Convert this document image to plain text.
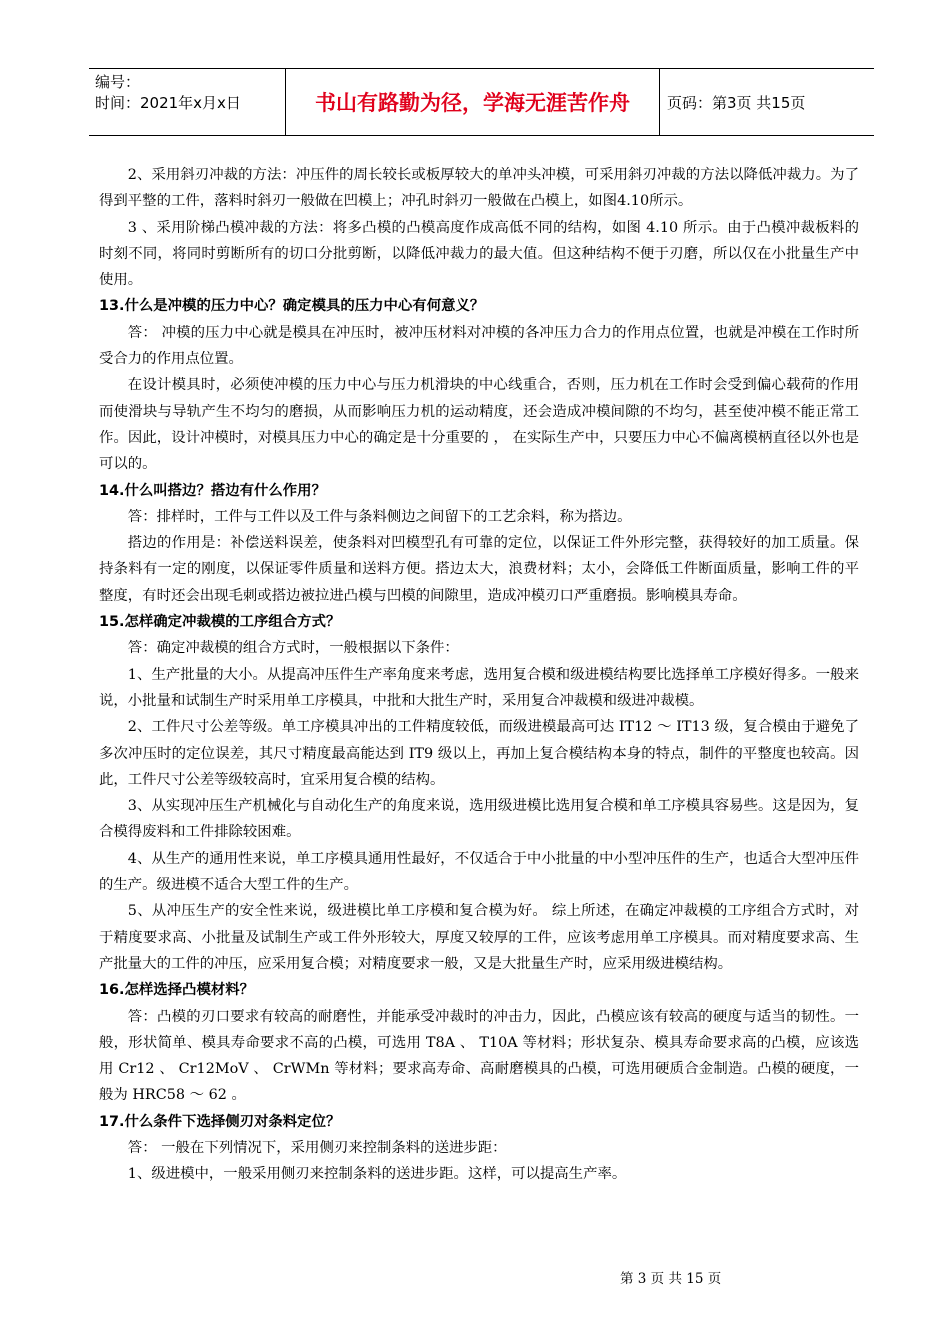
编号：
时间：2021年x月x日	书山有路勤为径，学海无涯苦作舟	页码：第3页 共15页

2、采用斜刃冲裁的方法：冲压件的周长较长或板厚较大的单冲头冲模，可采用斜刃冲裁的方法以降低冲裁力。为了得到平整的工件，落料时斜刃一般做在凹模上；冲孔时斜刃一般做在凸模上，如图4.10所示。

3 、采用阶梯凸模冲裁的方法：将多凸模的凸模高度作成高低不同的结构，如图 4.10 所示。由于凸模冲裁板料的时刻不同，将同时剪断所有的切口分批剪断，以降低冲裁力的最大值。但这种结构不便于刃磨，所以仅在小批量生产中使用。

13.什么是冲模的压力中心？确定模具的压力中心有何意义？

答： 冲模的压力中心就是模具在冲压时，被冲压材料对冲模的各冲压力合力的作用点位置，也就是冲模在工作时所受合力的作用点位置。

在设计模具时，必须使冲模的压力中心与压力机滑块的中心线重合，否则，压力机在工作时会受到偏心载荷的作用而使滑块与导轨产生不均匀的磨损，从而影响压力机的运动精度，还会造成冲模间隙的不均匀，甚至使冲模不能正常工作。因此，设计冲模时，对模具压力中心的确定是十分重要的 ， 在实际生产中，只要压力中心不偏离模柄直径以外也是可以的。

14.什么叫搭边？搭边有什么作用？

答：排样时，工件与工件以及工件与条料侧边之间留下的工艺余料，称为搭边。

搭边的作用是：补偿送料误差，使条料对凹模型孔有可靠的定位，以保证工件外形完整，获得较好的加工质量。保持条料有一定的刚度，以保证零件质量和送料方便。搭边太大，浪费材料；太小，会降低工件断面质量，影响工件的平整度，有时还会出现毛刺或搭边被拉进凸模与凹模的间隙里，造成冲模刃口严重磨损。影响模具寿命。

15.怎样确定冲裁模的工序组合方式？

答：确定冲裁模的组合方式时，一般根据以下条件：

1、生产批量的大小。从提高冲压件生产率角度来考虑，选用复合模和级进模结构要比选择单工序模好得多。一般来说，小批量和试制生产时采用单工序模具，中批和大批生产时，采用复合冲裁模和级进冲裁模。

2、工件尺寸公差等级。单工序模具冲出的工件精度较低，而级进模最高可达 IT12 ～ IT13 级，复合模由于避免了多次冲压时的定位误差，其尺寸精度最高能达到 IT9 级以上，再加上复合模结构本身的特点，制件的平整度也较高。因此，工件尺寸公差等级较高时，宜采用复合模的结构。

3、从实现冲压生产机械化与自动化生产的角度来说，选用级进模比选用复合模和单工序模具容易些。这是因为，复合模得废料和工件排除较困难。

4、从生产的通用性来说，单工序模具通用性最好，不仅适合于中小批量的中小型冲压件的生产，也适合大型冲压件的生产。级进模不适合大型工件的生产。

5、从冲压生产的安全性来说，级进模比单工序模和复合模为好。 综上所述，在确定冲裁模的工序组合方式时，对于精度要求高、小批量及试制生产或工件外形较大，厚度又较厚的工件，应该考虑用单工序模具。而对精度要求高、生产批量大的工件的冲压，应采用复合模；对精度要求一般，又是大批量生产时，应采用级进模结构。

16.怎样选择凸模材料？

答：凸模的刃口要求有较高的耐磨性，并能承受冲裁时的冲击力，因此，凸模应该有较高的硬度与适当的韧性。一般，形状简单、模具寿命要求不高的凸模，可选用 T8A 、 T10A 等材料；形状复杂、模具寿命要求高的凸模，应该选用 Cr12 、 Cr12MoV 、 CrWMn 等材料；要求高寿命、高耐磨模具的凸模，可选用硬质合金制造。凸模的硬度，一般为 HRC58 ～ 62 。

17.什么条件下选择侧刃对条料定位？

答： 一般在下列情况下，采用侧刃来控制条料的送进步距：

1、级进模中，一般采用侧刃来控制条料的送进步距。这样，可以提高生产率。

第 3 页 共 15 页
